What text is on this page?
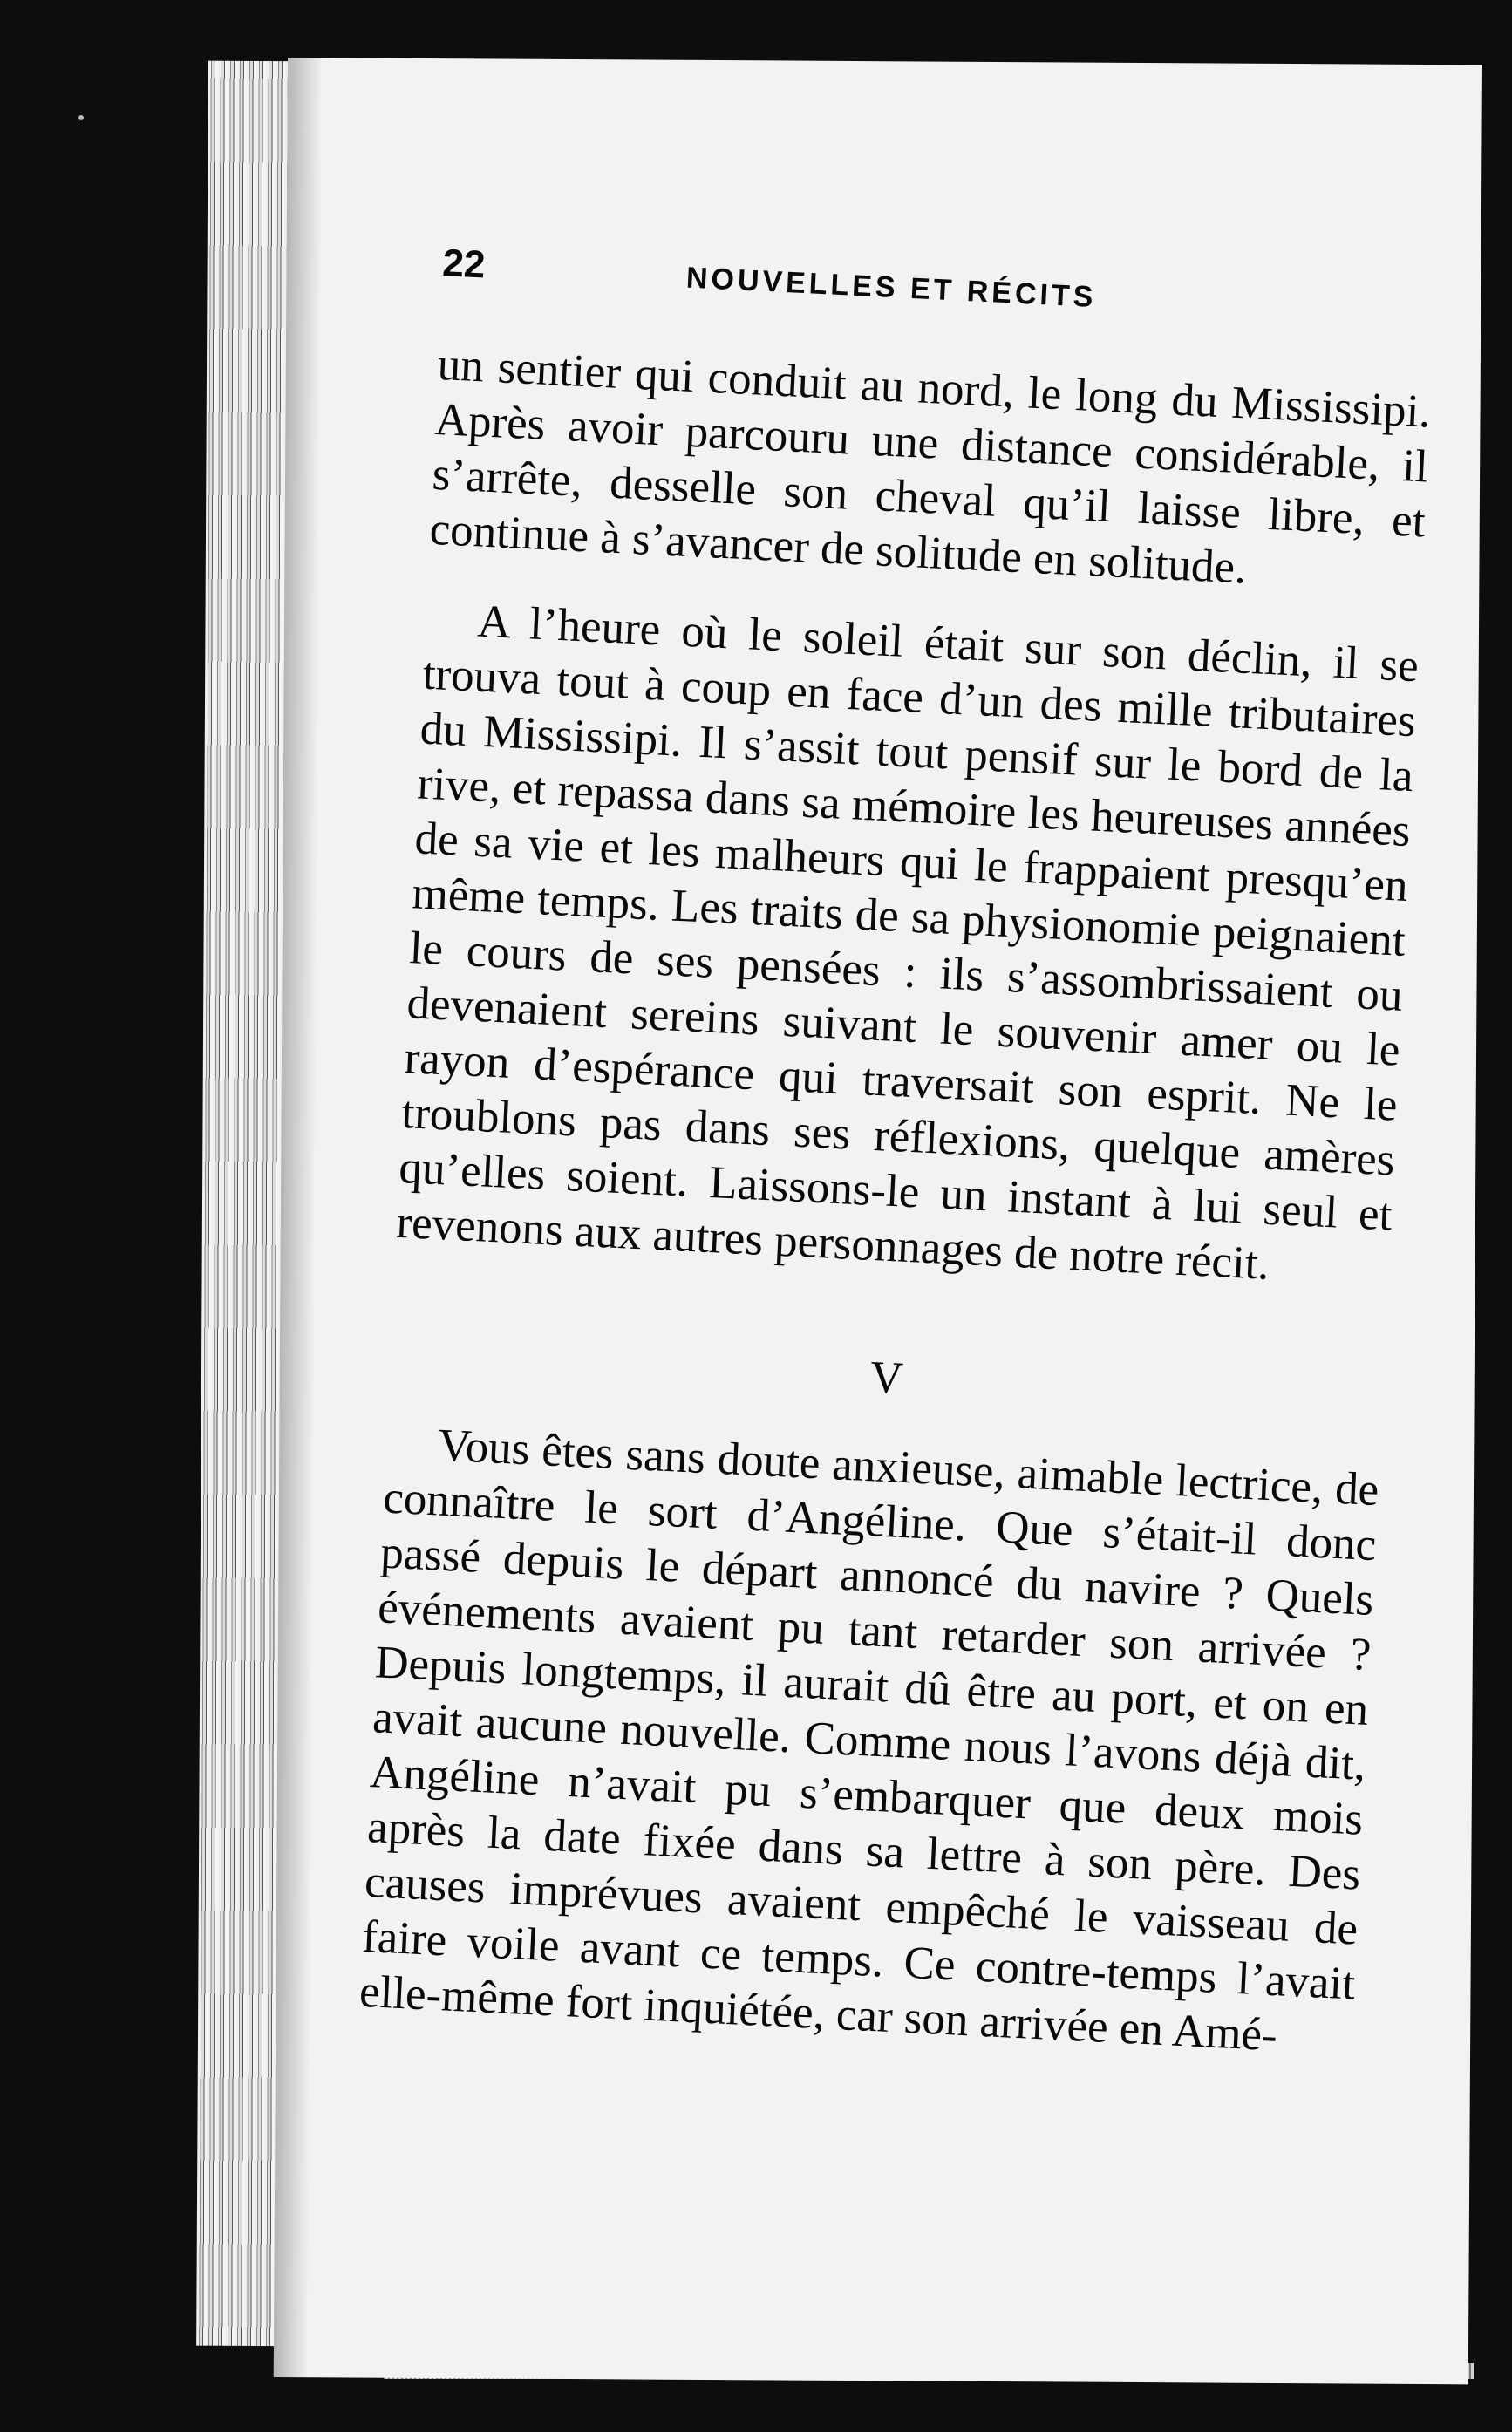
22	NOUVELLES ET RÉCITS

un sentier qui conduit au nord, le long du Mississipi. Après avoir parcouru une distance considérable, il s’arrête, desselle son cheval qu’il laisse libre, et continue à s’avancer de solitude en solitude.

A l’heure où le soleil était sur son déclin, il se trouva tout à coup en face d’un des mille tributaires du Mississipi. Il s’assit tout pensif sur le bord de la rive, et repassa dans sa mémoire les heureuses années de sa vie et les malheurs qui le frappaient presqu’en même temps. Les traits de sa physionomie peignaient le cours de ses pensées : ils s’assombrissaient ou devenaient sereins suivant le souvenir amer ou le rayon d’espérance qui traversait son esprit. Ne le troublons pas dans ses réflexions, quelque amères qu’elles soient. Laissons-le un instant à lui seul et revenons aux autres personnages de notre récit.

V

Vous êtes sans doute anxieuse, aimable lectrice, de connaître le sort d’Angéline. Que s’était-il donc passé depuis le départ annoncé du navire ? Quels événements avaient pu tant retarder son arrivée ? Depuis longtemps, il aurait dû être au port, et on en avait aucune nouvelle. Comme nous l’avons déjà dit, Angéline n’avait pu s’embarquer que deux mois après la date fixée dans sa lettre à son père. Des causes imprévues avaient empêché le vaisseau de faire voile avant ce temps. Ce contre-temps l’avait elle-même fort inquiétée, car son arrivée en Amé-
